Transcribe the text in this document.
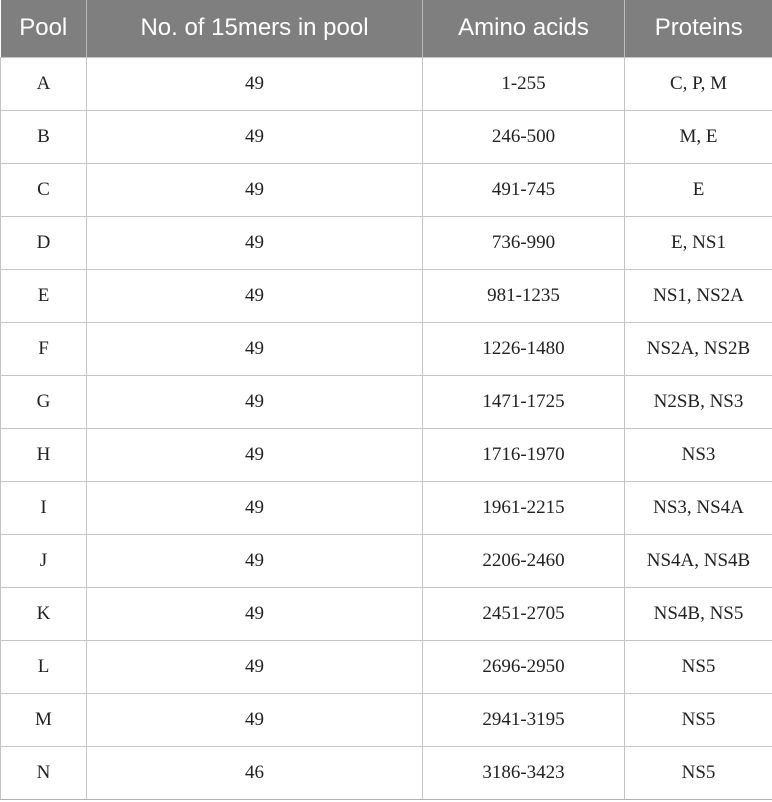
Pool	No. of 15mers in pool	Amino acids	Proteins
A	49	1-255	C, P, M
B	49	246-500	M, E
C	49	491-745	E
D	49	736-990	E, NS1
E	49	981-1235	NS1, NS2A
F	49	1226-1480	NS2A, NS2B
G	49	1471-1725	N2SB, NS3
H	49	1716-1970	NS3
I	49	1961-2215	NS3, NS4A
J	49	2206-2460	NS4A, NS4B
K	49	2451-2705	NS4B, NS5
L	49	2696-2950	NS5
M	49	2941-3195	NS5
N	46	3186-3423	NS5
